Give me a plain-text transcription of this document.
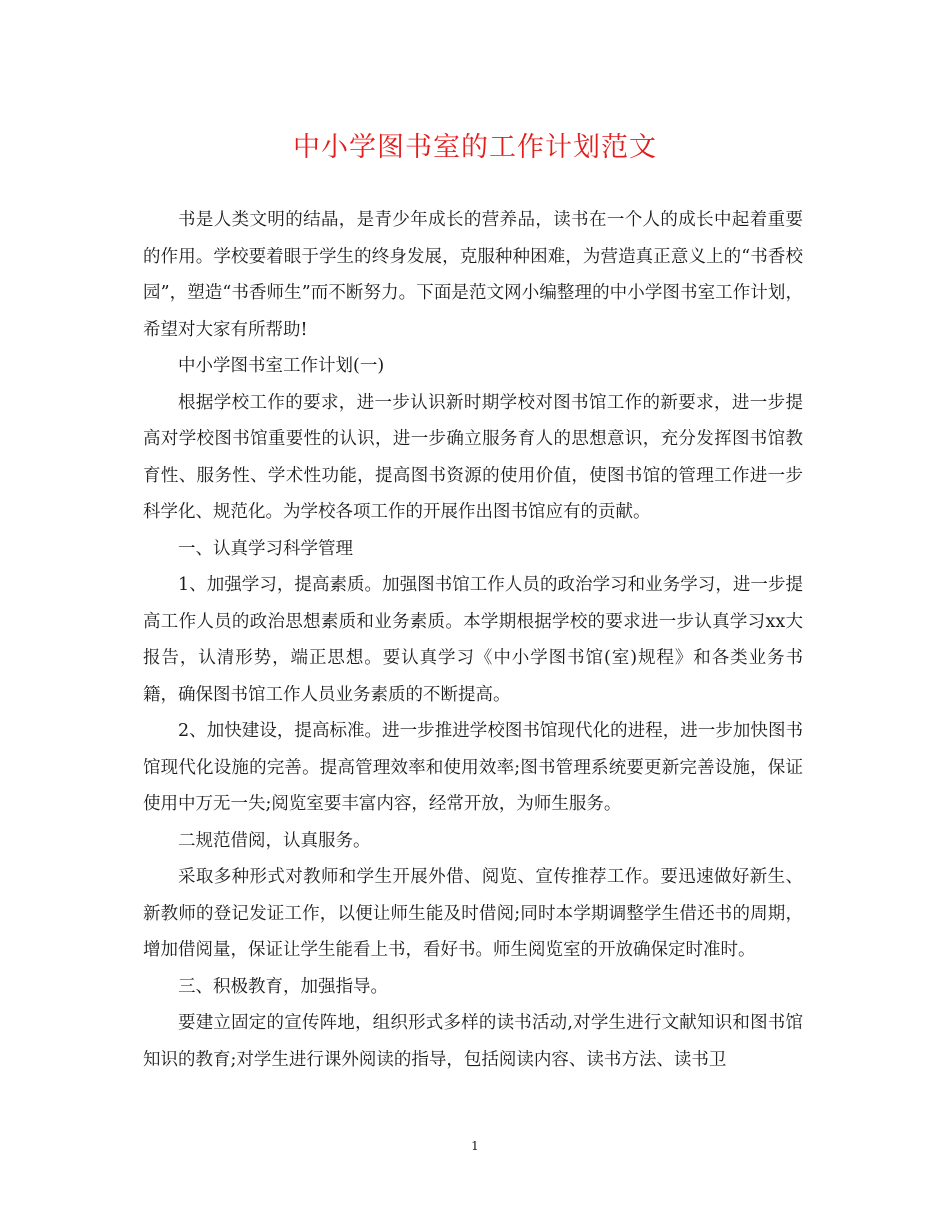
中小学图书室的工作计划范文

书是人类文明的结晶，是青少年成长的营养品，读书在一个人的成长中起着重要的作用。学校要着眼于学生的终身发展，克服种种困难，为营造真正意义上的“书香校园”，塑造“书香师生”而不断努力。下面是范文网小编整理的中小学图书室工作计划，希望对大家有所帮助!

中小学图书室工作计划(一)

根据学校工作的要求，进一步认识新时期学校对图书馆工作的新要求，进一步提高对学校图书馆重要性的认识，进一步确立服务育人的思想意识，充分发挥图书馆教育性、服务性、学术性功能，提高图书资源的使用价值，使图书馆的管理工作进一步科学化、规范化。为学校各项工作的开展作出图书馆应有的贡献。

一、认真学习科学管理

1、加强学习，提高素质。加强图书馆工作人员的政治学习和业务学习，进一步提高工作人员的政治思想素质和业务素质。本学期根据学校的要求进一步认真学习xx大报告，认清形势，端正思想。要认真学习《中小学图书馆(室)规程》和各类业务书籍，确保图书馆工作人员业务素质的不断提高。

2、加快建设，提高标准。进一步推进学校图书馆现代化的进程，进一步加快图书馆现代化设施的完善。提高管理效率和使用效率;图书管理系统要更新完善设施，保证使用中万无一失;阅览室要丰富内容，经常开放，为师生服务。

二规范借阅，认真服务。

采取多种形式对教师和学生开展外借、阅览、宣传推荐工作。要迅速做好新生、新教师的登记发证工作，以便让师生能及时借阅;同时本学期调整学生借还书的周期，增加借阅量，保证让学生能看上书，看好书。师生阅览室的开放确保定时准时。

三、积极教育，加强指导。

要建立固定的宣传阵地，组织形式多样的读书活动,对学生进行文献知识和图书馆知识的教育;对学生进行课外阅读的指导，包括阅读内容、读书方法、读书卫

1
